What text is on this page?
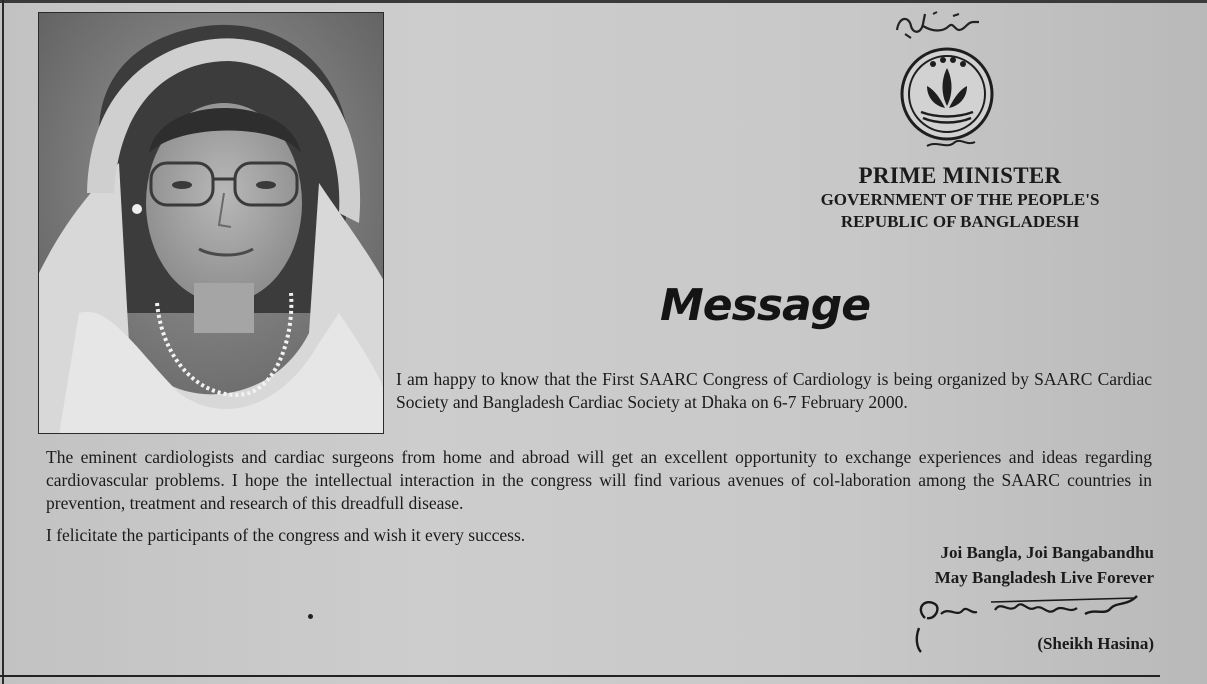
PRIME MINISTER
GOVERNMENT OF THE PEOPLE'S
REPUBLIC OF BANGLADESH
Message
I am happy to know that the First SAARC Congress of Cardiology is being organized by SAARC Cardiac Society and Bangladesh Cardiac Society at Dhaka on 6-7 February 2000.
The eminent cardiologists and cardiac surgeons from home and abroad will get an excellent opportunity to exchange experiences and ideas regarding cardiovascular problems. I hope the intellectual interaction in the congress will find various avenues of col-laboration among the SAARC countries in prevention, treatment and research of this dreadfull disease.
I felicitate the participants of the congress and wish it every success.
Joi Bangla, Joi Bangabandhu
May Bangladesh Live Forever
(Sheikh Hasina)
